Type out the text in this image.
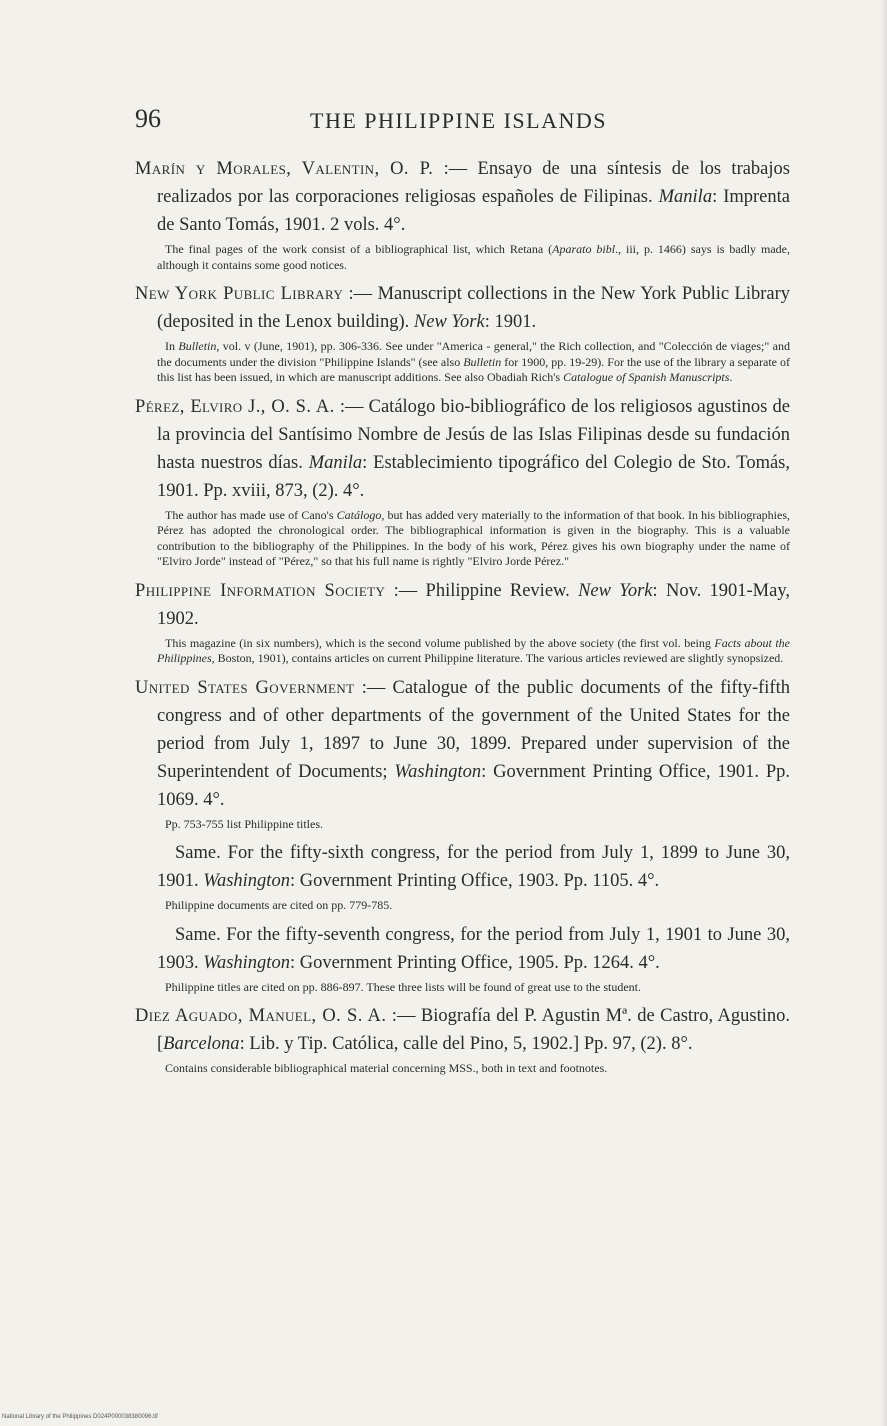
96	THE PHILIPPINE ISLANDS

Marín y Morales, Valentin, O. P. :— Ensayo de una síntesis de los trabajos realizados por las corporaciones religiosas españoles de Filipinas. Manila: Imprenta de Santo Tomás, 1901. 2 vols. 4°.

The final pages of the work consist of a bibliographical list, which Retana (Aparato bibl., iii, p. 1466) says is badly made, although it contains some good notices.

New York Public Library :— Manuscript collections in the New York Public Library (deposited in the Lenox building). New York: 1901.

In Bulletin, vol. v (June, 1901), pp. 306-336. See under "America - general," the Rich collection, and "Colección de viages;" and the documents under the division "Philippine Islands" (see also Bulletin for 1900, pp. 19-29). For the use of the library a separate of this list has been issued, in which are manuscript additions. See also Obadiah Rich's Catalogue of Spanish Manuscripts.

Pérez, Elviro J., O. S. A. :— Catálogo bio-bibliográfico de los religiosos agustinos de la provincia del Santísimo Nombre de Jesús de las Islas Filipinas desde su fundación hasta nuestros días. Manila: Establecimiento tipográfico del Colegio de Sto. Tomás, 1901. Pp. xviii, 873, (2). 4°.

The author has made use of Cano's Catálogo, but has added very materially to the information of that book. In his bibliographies, Pérez has adopted the chronological order. The bibliographical information is given in the biography. This is a valuable contribution to the bibliography of the Philippines. In the body of his work, Pérez gives his own biography under the name of "Elviro Jorde" instead of "Pérez," so that his full name is rightly "Elviro Jorde Pérez."

Philippine Information Society :— Philippine Review. New York: Nov. 1901-May, 1902.

This magazine (in six numbers), which is the second volume published by the above society (the first vol. being Facts about the Philippines, Boston, 1901), contains articles on current Philippine literature. The various articles reviewed are slightly synopsized.

United States Government :— Catalogue of the public documents of the fifty-fifth congress and of other departments of the government of the United States for the period from July 1, 1897 to June 30, 1899. Prepared under supervision of the Superintendent of Documents; Washington: Government Printing Office, 1901. Pp. 1069. 4°.

Pp. 753-755 list Philippine titles.

Same. For the fifty-sixth congress, for the period from July 1, 1899 to June 30, 1901. Washington: Government Printing Office, 1903. Pp. 1105. 4°.

Philippine documents are cited on pp. 779-785.

Same. For the fifty-seventh congress, for the period from July 1, 1901 to June 30, 1903. Washington: Government Printing Office, 1905. Pp. 1264. 4°.

Philippine titles are cited on pp. 886-897. These three lists will be found of great use to the student.

Diez Aguado, Manuel, O. S. A. :— Biografía del P. Agustin Mª. de Castro, Agustino. [Barcelona: Lib. y Tip. Católica, calle del Pino, 5, 1902.] Pp. 97, (2). 8°.

Contains considerable bibliographical material concerning MSS., both in text and footnotes.

National Library of the Philippines D024P000038380096.tif
